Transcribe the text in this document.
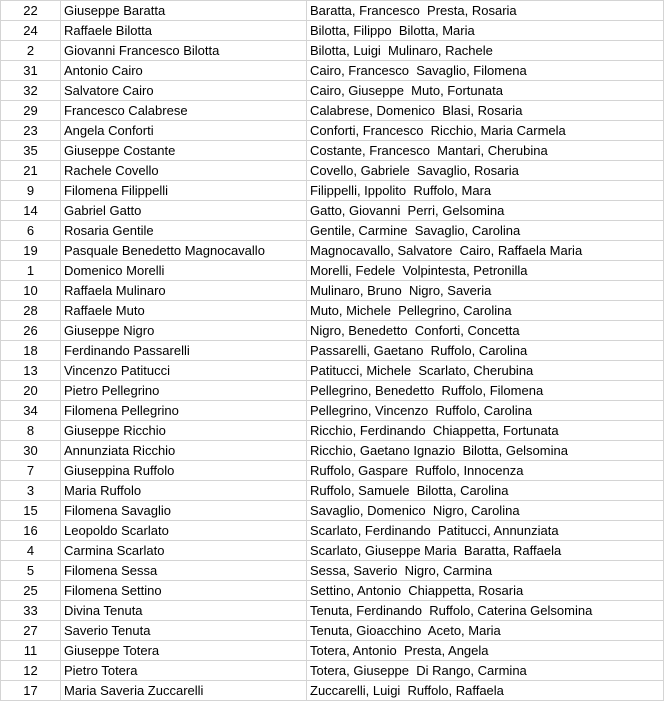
22	Giuseppe Baratta	Baratta, Francesco  Presta, Rosaria
24	Raffaele Bilotta	Bilotta, Filippo  Bilotta, Maria
2	Giovanni Francesco Bilotta	Bilotta, Luigi  Mulinaro, Rachele
31	Antonio Cairo	Cairo, Francesco  Savaglio, Filomena
32	Salvatore Cairo	Cairo, Giuseppe  Muto, Fortunata
29	Francesco Calabrese	Calabrese, Domenico  Blasi, Rosaria
23	Angela Conforti	Conforti, Francesco  Ricchio, Maria Carmela
35	Giuseppe Costante	Costante, Francesco  Mantari, Cherubina
21	Rachele Covello	Covello, Gabriele  Savaglio, Rosaria
9	Filomena Filippelli	Filippelli, Ippolito  Ruffolo, Mara
14	Gabriel Gatto	Gatto, Giovanni  Perri, Gelsomina
6	Rosaria Gentile	Gentile, Carmine  Savaglio, Carolina
19	Pasquale Benedetto Magnocavallo	Magnocavallo, Salvatore  Cairo, Raffaela Maria
1	Domenico Morelli	Morelli, Fedele  Volpintesta, Petronilla
10	Raffaela Mulinaro	Mulinaro, Bruno  Nigro, Saveria
28	Raffaele Muto	Muto, Michele  Pellegrino, Carolina
26	Giuseppe Nigro	Nigro, Benedetto  Conforti, Concetta
18	Ferdinando Passarelli	Passarelli, Gaetano  Ruffolo, Carolina
13	Vincenzo Patitucci	Patitucci, Michele  Scarlato, Cherubina
20	Pietro Pellegrino	Pellegrino, Benedetto  Ruffolo, Filomena
34	Filomena Pellegrino	Pellegrino, Vincenzo  Ruffolo, Carolina
8	Giuseppe Ricchio	Ricchio, Ferdinando  Chiappetta, Fortunata
30	Annunziata Ricchio	Ricchio, Gaetano Ignazio  Bilotta, Gelsomina
7	Giuseppina Ruffolo	Ruffolo, Gaspare  Ruffolo, Innocenza
3	Maria Ruffolo	Ruffolo, Samuele  Bilotta, Carolina
15	Filomena Savaglio	Savaglio, Domenico  Nigro, Carolina
16	Leopoldo Scarlato	Scarlato, Ferdinando  Patitucci, Annunziata
4	Carmina Scarlato	Scarlato, Giuseppe Maria  Baratta, Raffaela
5	Filomena Sessa	Sessa, Saverio  Nigro, Carmina
25	Filomena Settino	Settino, Antonio  Chiappetta, Rosaria
33	Divina Tenuta	Tenuta, Ferdinando  Ruffolo, Caterina Gelsomina
27	Saverio Tenuta	Tenuta, Gioacchino  Aceto, Maria
11	Giuseppe Totera	Totera, Antonio  Presta, Angela
12	Pietro Totera	Totera, Giuseppe  Di Rango, Carmina
17	Maria Saveria Zuccarelli	Zuccarelli, Luigi  Ruffolo, Raffaela
